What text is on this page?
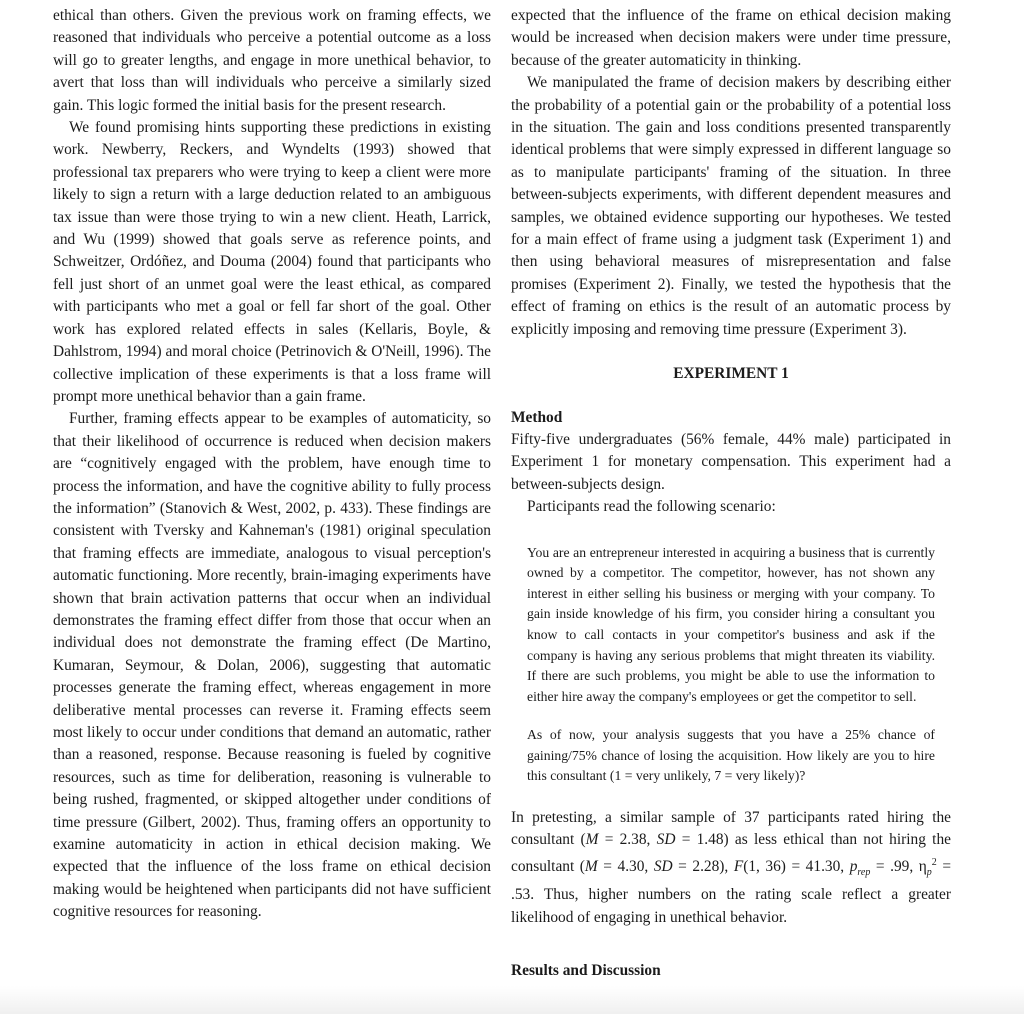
ethical than others. Given the previous work on framing effects, we reasoned that individuals who perceive a potential outcome as a loss will go to greater lengths, and engage in more unethical behavior, to avert that loss than will individuals who perceive a similarly sized gain. This logic formed the initial basis for the present research.

We found promising hints supporting these predictions in existing work. Newberry, Reckers, and Wyndelts (1993) showed that professional tax preparers who were trying to keep a client were more likely to sign a return with a large deduction related to an ambiguous tax issue than were those trying to win a new client. Heath, Larrick, and Wu (1999) showed that goals serve as reference points, and Schweitzer, Ordóñez, and Douma (2004) found that participants who fell just short of an unmet goal were the least ethical, as compared with participants who met a goal or fell far short of the goal. Other work has explored related effects in sales (Kellaris, Boyle, & Dahlstrom, 1994) and moral choice (Petrinovich & O'Neill, 1996). The collective implication of these experiments is that a loss frame will prompt more unethical behavior than a gain frame.

Further, framing effects appear to be examples of automaticity, so that their likelihood of occurrence is reduced when decision makers are “cognitively engaged with the problem, have enough time to process the information, and have the cognitive ability to fully process the information” (Stanovich & West, 2002, p. 433). These findings are consistent with Tversky and Kahneman's (1981) original speculation that framing effects are immediate, analogous to visual perception's automatic functioning. More recently, brain-imaging experiments have shown that brain activation patterns that occur when an individual demonstrates the framing effect differ from those that occur when an individual does not demonstrate the framing effect (De Martino, Kumaran, Seymour, & Dolan, 2006), suggesting that automatic processes generate the framing effect, whereas engagement in more deliberative mental processes can reverse it. Framing effects seem most likely to occur under conditions that demand an automatic, rather than a reasoned, response. Because reasoning is fueled by cognitive resources, such as time for deliberation, reasoning is vulnerable to being rushed, fragmented, or skipped altogether under conditions of time pressure (Gilbert, 2002). Thus, framing offers an opportunity to examine automaticity in action in ethical decision making. We expected that the influence of the loss frame on ethical decision making would be heightened when participants did not have sufficient cognitive resources for reasoning.

expected that the influence of the frame on ethical decision making would be increased when decision makers were under time pressure, because of the greater automaticity in thinking.

We manipulated the frame of decision makers by describing either the probability of a potential gain or the probability of a potential loss in the situation. The gain and loss conditions presented transparently identical problems that were simply expressed in different language so as to manipulate participants' framing of the situation. In three between-subjects experiments, with different dependent measures and samples, we obtained evidence supporting our hypotheses. We tested for a main effect of frame using a judgment task (Experiment 1) and then using behavioral measures of misrepresentation and false promises (Experiment 2). Finally, we tested the hypothesis that the effect of framing on ethics is the result of an automatic process by explicitly imposing and removing time pressure (Experiment 3).

EXPERIMENT 1
Method

Fifty-five undergraduates (56% female, 44% male) participated in Experiment 1 for monetary compensation. This experiment had a between-subjects design.

Participants read the following scenario:

You are an entrepreneur interested in acquiring a business that is currently owned by a competitor. The competitor, however, has not shown any interest in either selling his business or merging with your company. To gain inside knowledge of his firm, you consider hiring a consultant you know to call contacts in your competitor's business and ask if the company is having any serious problems that might threaten its viability. If there are such problems, you might be able to use the information to either hire away the company's employees or get the competitor to sell.

As of now, your analysis suggests that you have a 25% chance of gaining/75% chance of losing the acquisition. How likely are you to hire this consultant (1 = very unlikely, 7 = very likely)?

In pretesting, a similar sample of 37 participants rated hiring the consultant (M = 2.38, SD = 1.48) as less ethical than not hiring the consultant (M = 4.30, SD = 2.28), F(1, 36) = 41.30, $p_{rep} = .99$, $\eta_p^2 = .53$. Thus, higher numbers on the rating scale reflect a greater likelihood of engaging in unethical behavior.

Results and Discussion
